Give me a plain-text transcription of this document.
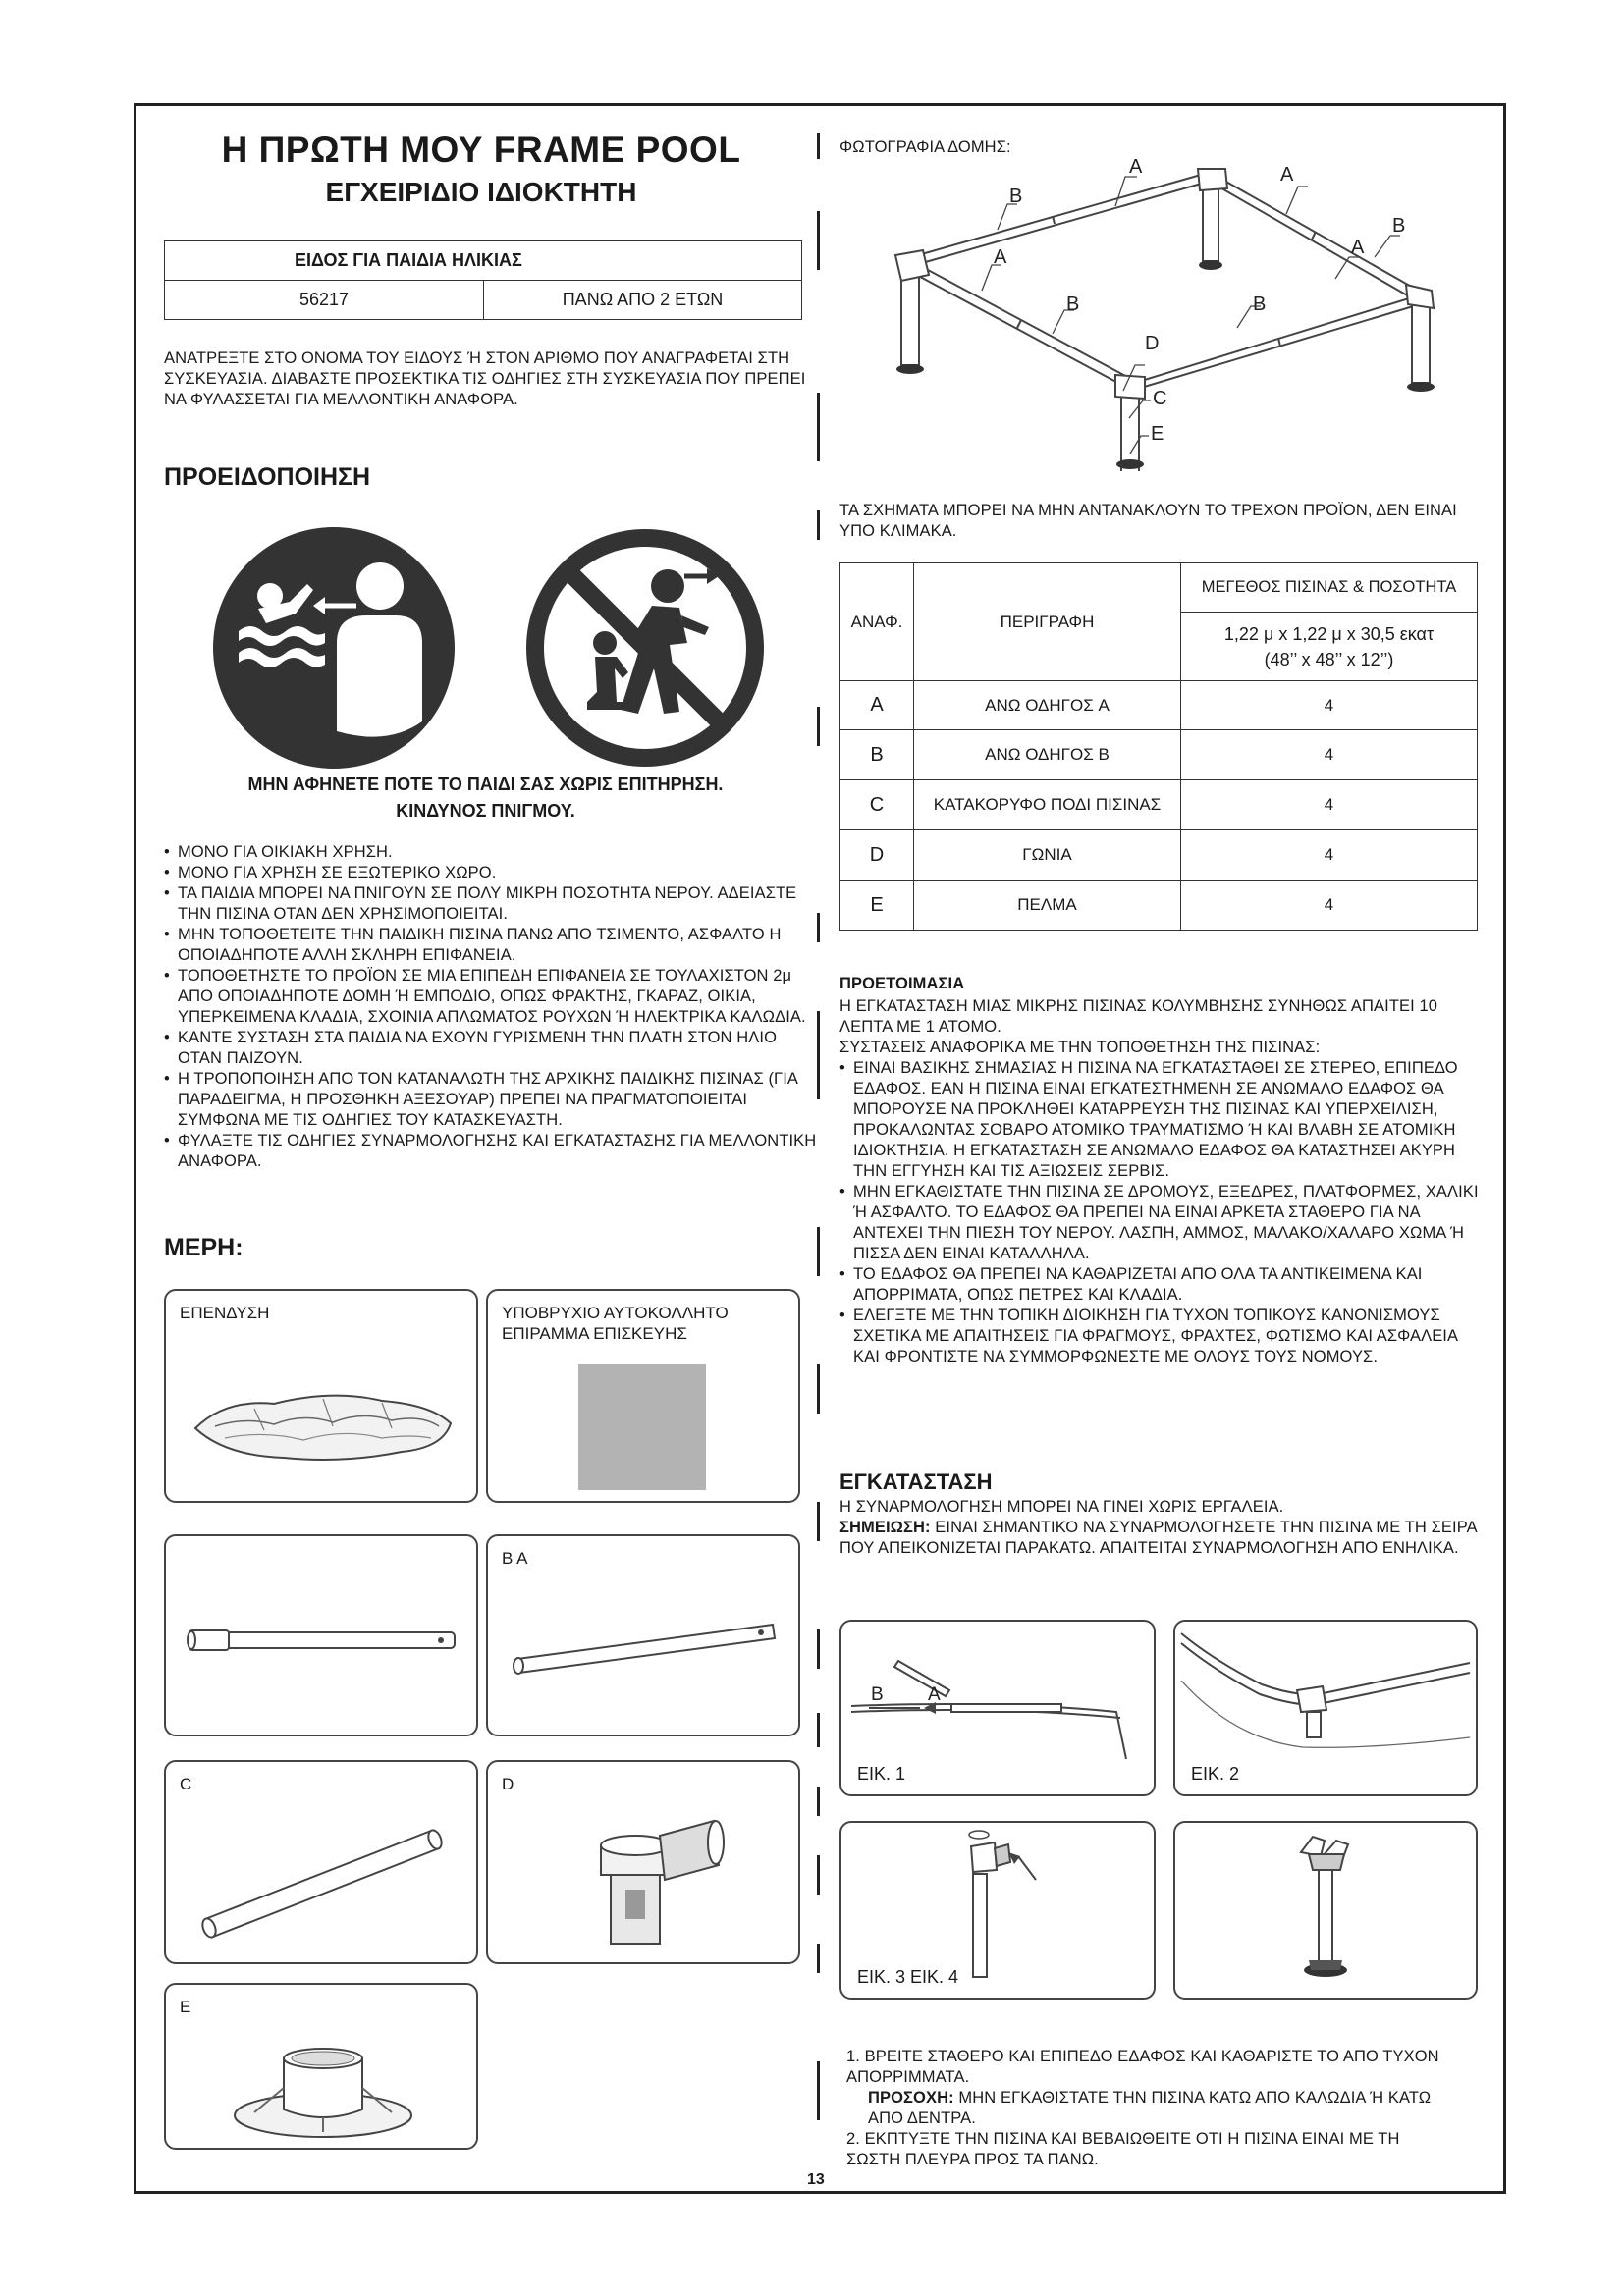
Η ΠΡΩΤΗ ΜΟΥ FRAME POOL
ΕΓΧΕΙΡΙΔΙΟ ΙΔΙΟΚΤΗΤΗ
ΕΙΔΟΣ ΓΙΑ ΠΑΙΔΙΑ ΗΛΙΚΙΑΣ
56217	ΠΑΝΩ ΑΠΟ 2 ΕΤΩΝ
ΑΝΑΤΡΕΞΤΕ ΣΤΟ ΟΝΟΜΑ ΤΟΥ ΕΙΔΟΥΣ Ή ΣΤΟΝ ΑΡΙΘΜΟ ΠΟΥ ΑΝΑΓΡΑΦΕΤΑΙ ΣΤΗ ΣΥΣΚΕΥΑΣΙΑ. ΔΙΑΒΑΣΤΕ ΠΡΟΣΕΚΤΙΚΑ ΤΙΣ ΟΔΗΓΙΕΣ ΣΤΗ ΣΥΣΚΕΥΑΣΙΑ ΠΟΥ ΠΡΕΠΕΙ ΝΑ ΦΥΛΑΣΣΕΤΑΙ ΓΙΑ ΜΕΛΛΟΝΤΙΚΗ ΑΝΑΦΟΡΑ.
ΠΡΟΕΙΔΟΠΟΙΗΣΗ
ΜΗΝ ΑΦΗΝΕΤΕ ΠΟΤΕ ΤΟ ΠΑΙΔΙ ΣΑΣ ΧΩΡΙΣ ΕΠΙΤΗΡΗΣΗ.
ΚΙΝΔΥΝΟΣ ΠΝΙΓΜΟΥ.
• ΜΟΝΟ ΓΙΑ ΟΙΚΙΑΚΗ ΧΡΗΣΗ.
• ΜΟΝΟ ΓΙΑ ΧΡΗΣΗ ΣΕ ΕΞΩΤΕΡΙΚΟ ΧΩΡΟ.
• ΤΑ ΠΑΙΔΙΑ ΜΠΟΡΕΙ ΝΑ ΠΝΙΓΟΥΝ ΣΕ ΠΟΛΥ ΜΙΚΡΗ ΠΟΣΟΤΗΤΑ ΝΕΡΟΥ. ΑΔΕΙΑΣΤΕ ΤΗΝ ΠΙΣΙΝΑ ΟΤΑΝ ΔΕΝ ΧΡΗΣΙΜΟΠΟΙΕΙΤΑΙ.
• ΜΗΝ ΤΟΠΟΘΕΤΕΙΤΕ ΤΗΝ ΠΑΙΔΙΚΗ ΠΙΣΙΝΑ ΠΑΝΩ ΑΠΟ ΤΣΙΜΕΝΤΟ, ΑΣΦΑΛΤΟ Η ΟΠΟΙΑΔΗΠΟΤΕ ΑΛΛΗ ΣΚΛΗΡΗ ΕΠΙΦΑΝΕΙΑ.
• ΤΟΠΟΘΕΤΗΣΤΕ ΤΟ ΠΡΟΪΟΝ ΣΕ ΜΙΑ ΕΠΙΠΕΔΗ ΕΠΙΦΑΝΕΙΑ ΣΕ ΤΟΥΛΑΧΙΣΤΟΝ 2μ ΑΠΟ ΟΠΟΙΑΔΗΠΟΤΕ ΔΟΜΗ Ή ΕΜΠΟΔΙΟ, ΟΠΩΣ ΦΡΑΚΤΗΣ, ΓΚΑΡΑΖ, ΟΙΚΙΑ, ΥΠΕΡΚΕΙΜΕΝΑ ΚΛΑΔΙΑ, ΣΧΟΙΝΙΑ ΑΠΛΩΜΑΤΟΣ ΡΟΥΧΩΝ Ή ΗΛΕΚΤΡΙΚΑ ΚΑΛΩΔΙΑ.
• ΚΑΝΤΕ ΣΥΣΤΑΣΗ ΣΤΑ ΠΑΙΔΙΑ ΝΑ ΕΧΟΥΝ ΓΥΡΙΣΜΕΝΗ ΤΗΝ ΠΛΑΤΗ ΣΤΟΝ ΗΛΙΟ ΟΤΑΝ ΠΑΙΖΟΥΝ.
• Η ΤΡΟΠΟΠΟΙΗΣΗ ΑΠΟ ΤΟΝ ΚΑΤΑΝΑΛΩΤΗ ΤΗΣ ΑΡΧΙΚΗΣ ΠΑΙΔΙΚΗΣ ΠΙΣΙΝΑΣ (ΓΙΑ ΠΑΡΑΔΕΙΓΜΑ, Η ΠΡΟΣΘΗΚΗ ΑΞΕΣΟΥΑΡ) ΠΡΕΠΕΙ ΝΑ ΠΡΑΓΜΑΤΟΠΟΙΕΙΤΑΙ ΣΥΜΦΩΝΑ ΜΕ ΤΙΣ ΟΔΗΓΙΕΣ ΤΟΥ ΚΑΤΑΣΚΕΥΑΣΤΗ.
• ΦΥΛΑΞΤΕ ΤΙΣ ΟΔΗΓΙΕΣ ΣΥΝΑΡΜΟΛΟΓΗΣΗΣ ΚΑΙ ΕΓΚΑΤΑΣΤΑΣΗΣ ΓΙΑ ΜΕΛΛΟΝΤΙΚΗ ΑΝΑΦΟΡΑ.
ΜΕΡΗ:
ΕΠΕΝΔΥΣΗ	ΥΠΟΒΡΥΧΙΟ ΑΥΤΟΚΟΛΛΗΤΟ ΕΠΙΡΑΜΜΑ ΕΠΙΣΚΕΥΗΣ
B A
C	D
E
ΦΩΤΟΓΡΑΦΙΑ ΔΟΜΗΣ:
A	A
B
B
A	A
B	B
D
C
E
ΤΑ ΣΧΗΜΑΤΑ ΜΠΟΡΕΙ ΝΑ ΜΗΝ ΑΝΤΑΝΑΚΛΟΥΝ ΤΟ ΤΡΕΧΟΝ ΠΡΟΪΟΝ, ΔΕΝ ΕΙΝΑΙ ΥΠΟ ΚΛΙΜΑΚΑ.
ΑΝΑΦ.	ΠΕΡΙΓΡΑΦΗ	ΜΕΓΕΘΟΣ ΠΙΣΙΝΑΣ & ΠΟΣΟΤΗΤΑ

		1,22 μ x 1,22 μ x 30,5 εκατ
(48’’ x 48’’ x 12’’)

A	ΑΝΩ ΟΔΗΓΟΣ A	4
B	ΑΝΩ ΟΔΗΓΟΣ B	4
C	ΚΑΤΑΚΟΡΥΦΟ ΠΟΔΙ ΠΙΣΙΝΑΣ	4
D	ΓΩΝΙΑ	4
E	ΠΕΛΜΑ	4
ΠΡΟΕΤΟΙΜΑΣΙΑ
Η ΕΓΚΑΤΑΣΤΑΣΗ ΜΙΑΣ ΜΙΚΡΗΣ ΠΙΣΙΝΑΣ ΚΟΛΥΜΒΗΣΗΣ ΣΥΝΗΘΩΣ ΑΠΑΙΤΕΙ 10 ΛΕΠΤΑ ΜΕ 1 ΑΤΟΜΟ.
ΣΥΣΤΑΣΕΙΣ ΑΝΑΦΟΡΙΚΑ ΜΕ ΤΗΝ ΤΟΠΟΘΕΤΗΣΗ ΤΗΣ ΠΙΣΙΝΑΣ:
• ΕΙΝΑΙ ΒΑΣΙΚΗΣ ΣΗΜΑΣΙΑΣ Η ΠΙΣΙΝΑ ΝΑ ΕΓΚΑΤΑΣΤΑΘΕΙ ΣΕ ΣΤΕΡΕΟ, ΕΠΙΠΕΔΟ ΕΔΑΦΟΣ. ΕΑΝ Η ΠΙΣΙΝΑ ΕΙΝΑΙ ΕΓΚΑΤΕΣΤΗΜΕΝΗ ΣΕ ΑΝΩΜΑΛΟ ΕΔΑΦΟΣ ΘΑ ΜΠΟΡΟΥΣΕ ΝΑ ΠΡΟΚΛΗΘΕΙ ΚΑΤΑΡΡΕΥΣΗ ΤΗΣ ΠΙΣΙΝΑΣ ΚΑΙ ΥΠΕΡΧΕΙΛΙΣΗ, ΠΡΟΚΑΛΩΝΤΑΣ ΣΟΒΑΡΟ ΑΤΟΜΙΚΟ ΤΡΑΥΜΑΤΙΣΜΟ Ή ΚΑΙ ΒΛΑΒΗ ΣΕ ΑΤΟΜΙΚΗ ΙΔΙΟΚΤΗΣΙΑ. Η ΕΓΚΑΤΑΣΤΑΣΗ ΣΕ ΑΝΩΜΑΛΟ ΕΔΑΦΟΣ ΘΑ ΚΑΤΑΣΤΗΣΕΙ ΑΚΥΡΗ ΤΗΝ ΕΓΓΥΗΣΗ ΚΑΙ ΤΙΣ ΑΞΙΩΣΕΙΣ ΣΕΡΒΙΣ.
• ΜΗΝ ΕΓΚΑΘΙΣΤΑΤΕ ΤΗΝ ΠΙΣΙΝΑ ΣΕ ΔΡΟΜΟΥΣ, ΕΞΕΔΡΕΣ, ΠΛΑΤΦΟΡΜΕΣ, ΧΑΛΙΚΙ Ή ΑΣΦΑΛΤΟ. ΤΟ ΕΔΑΦΟΣ ΘΑ ΠΡΕΠΕΙ ΝΑ ΕΙΝΑΙ ΑΡΚΕΤΑ ΣΤΑΘΕΡΟ ΓΙΑ ΝΑ ΑΝΤΕΧΕΙ ΤΗΝ ΠΙΕΣΗ ΤΟΥ ΝΕΡΟΥ. ΛΑΣΠΗ, ΑΜΜΟΣ, ΜΑΛΑΚΟ/ΧΑΛΑΡΟ ΧΩΜΑ Ή ΠΙΣΣΑ ΔΕΝ ΕΙΝΑΙ ΚΑΤΑΛΛΗΛΑ.
• ΤΟ ΕΔΑΦΟΣ ΘΑ ΠΡΕΠΕΙ ΝΑ ΚΑΘΑΡΙΖΕΤΑΙ ΑΠΟ ΟΛΑ ΤΑ ΑΝΤΙΚΕΙΜΕΝΑ ΚΑΙ ΑΠΟΡΡΙΜΑΤΑ, ΟΠΩΣ ΠΕΤΡΕΣ ΚΑΙ ΚΛΑΔΙΑ.
• ΕΛΕΓΞΤΕ ΜΕ ΤΗΝ ΤΟΠΙΚΗ ΔΙΟΙΚΗΣΗ ΓΙΑ ΤΥΧΟΝ ΤΟΠΙΚΟΥΣ ΚΑΝΟΝΙΣΜΟΥΣ ΣΧΕΤΙΚΑ ΜΕ ΑΠΑΙΤΗΣΕΙΣ ΓΙΑ ΦΡΑΓΜΟΥΣ, ΦΡΑΧΤΕΣ, ΦΩΤΙΣΜΟ ΚΑΙ ΑΣΦΑΛΕΙΑ ΚΑΙ ΦΡΟΝΤΙΣΤΕ ΝΑ ΣΥΜΜΟΡΦΩΝΕΣΤΕ ΜΕ ΟΛΟΥΣ ΤΟΥΣ ΝΟΜΟΥΣ.
ΕΓΚΑΤΑΣΤΑΣΗ
Η ΣΥΝΑΡΜΟΛΟΓΗΣΗ ΜΠΟΡΕΙ ΝΑ ΓΙΝΕΙ ΧΩΡΙΣ ΕΡΓΑΛΕΙΑ.
ΣΗΜΕΙΩΣΗ: ΕΙΝΑΙ ΣΗΜΑΝΤΙΚΟ ΝΑ ΣΥΝΑΡΜΟΛΟΓΗΣΕΤΕ ΤΗΝ ΠΙΣΙΝΑ ΜΕ ΤΗ ΣΕΙΡΑ ΠΟΥ ΑΠΕΙΚΟΝΙΖΕΤΑΙ ΠΑΡΑΚΑΤΩ. ΑΠΑΙΤΕΙΤΑΙ ΣΥΝΑΡΜΟΛΟΓΗΣΗ ΑΠΟ ΕΝΗΛΙΚΑ.
B A
ΕΙΚ. 1	ΕΙΚ. 2
ΕΙΚ. 3 ΕΙΚ. 4
1. ΒΡΕΙΤΕ ΣΤΑΘΕΡΟ ΚΑΙ ΕΠΙΠΕΔΟ ΕΔΑΦΟΣ ΚΑΙ ΚΑΘΑΡΙΣΤΕ ΤΟ ΑΠΟ ΤΥΧΟΝ ΑΠΟΡΡΙΜΜΑΤΑ.
ΠΡΟΣΟΧΗ: ΜΗΝ ΕΓΚΑΘΙΣΤΑΤΕ ΤΗΝ ΠΙΣΙΝΑ ΚΑΤΩ ΑΠΟ ΚΑΛΩΔΙΑ Ή ΚΑΤΩ ΑΠΟ ΔΕΝΤΡΑ.
2. ΕΚΠΤΥΞΤΕ ΤΗΝ ΠΙΣΙΝΑ ΚΑΙ ΒΕΒΑΙΩΘΕΙΤΕ ΟΤΙ Η ΠΙΣΙΝΑ ΕΙΝΑΙ ΜΕ ΤΗ ΣΩΣΤΗ ΠΛΕΥΡΑ ΠΡΟΣ ΤΑ ΠΑΝΩ.
13
